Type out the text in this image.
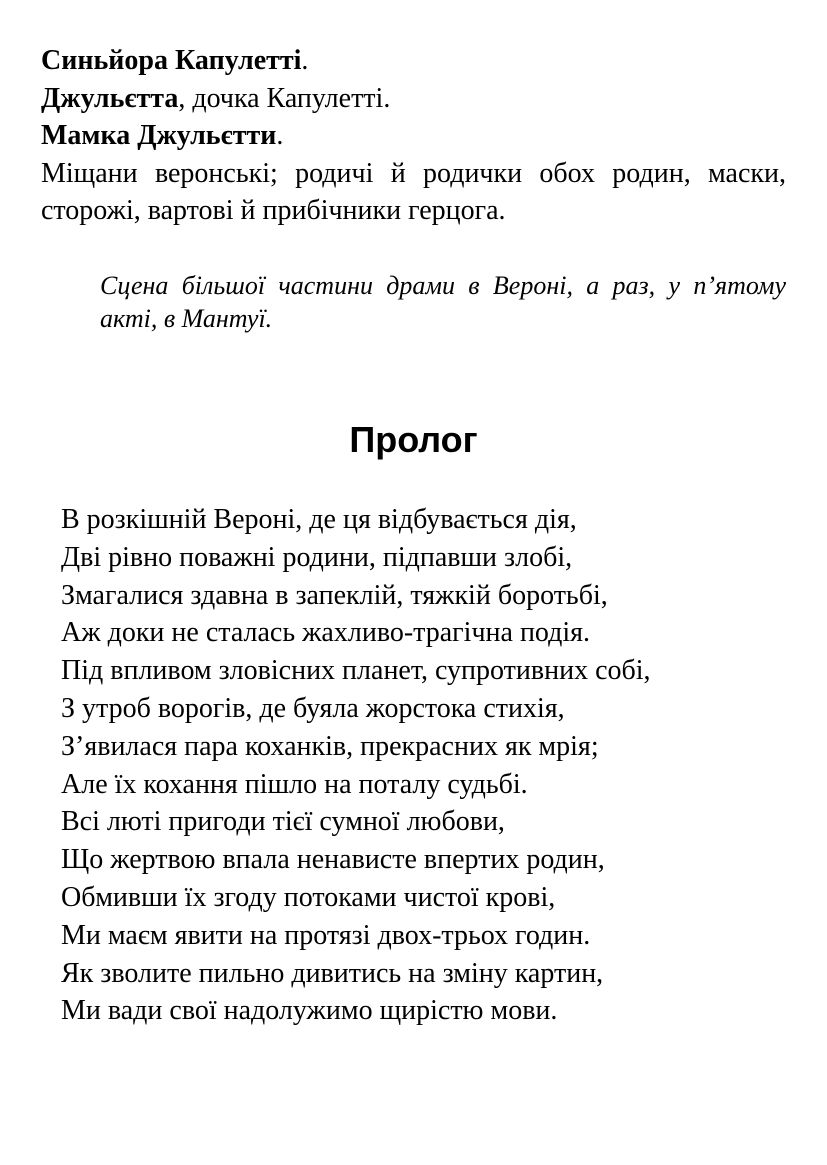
Синьйора Капулетті.
Джульєтта, дочка Капулетті.
Мамка Джульєтти.
Міщани веронські; родичі й родички обох родин, маски, сторожі, вартові й прибічники герцога.
Сцена більшої частини драми в Вероні, а раз, у п’ятому акті, в Мантуї.
Пролог
В розкішній Вероні, де ця відбувається дія,
Дві рівно поважні родини, підпавши злобі,
Змагалися здавна в запеклій, тяжкій боротьбі,
Аж доки не сталась жахливо-трагічна подія.
Під впливом зловісних планет, супротивних собі,
З утроб ворогів, де буяла жорстока стихія,
З’явилася пара коханків, прекрасних як мрія;
Але їх кохання пішло на поталу судьбі.
Всі люті пригоди тієї сумної любови,
Що жертвою впала ненависте впертих родин,
Обмивши їх згоду потоками чистої крові,
Ми маєм явити на протязі двох-трьох годин.
Як зволите пильно дивитись на зміну картин,
Ми вади свої надолужимо щирістю мови.
